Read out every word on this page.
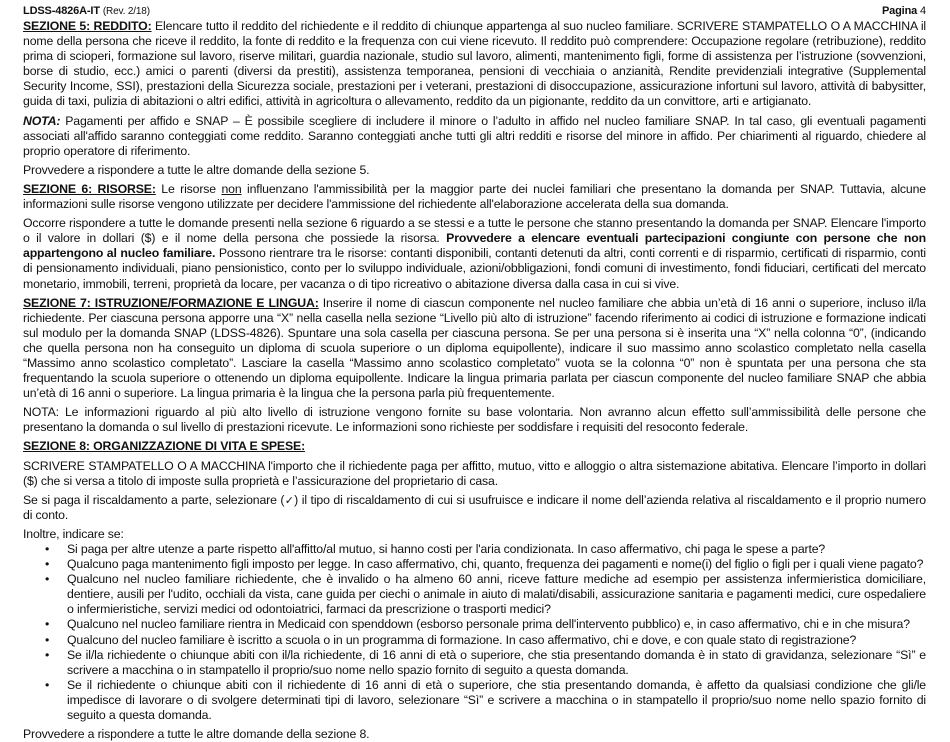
LDSS-4826A-IT (Rev. 2/18)	Pagina 4

SEZIONE 5: REDDITO: Elencare tutto il reddito del richiedente e il reddito di chiunque appartenga al suo nucleo familiare. SCRIVERE STAMPATELLO O A MACCHINA il nome della persona che riceve il reddito, la fonte di reddito e la frequenza con cui viene ricevuto. Il reddito può comprendere: Occupazione regolare (retribuzione), reddito prima di scioperi, formazione sul lavoro, riserve militari, guardia nazionale, studio sul lavoro, alimenti, mantenimento figli, forme di assistenza per l’istruzione (sovvenzioni, borse di studio, ecc.) amici o parenti (diversi da prestiti), assistenza temporanea, pensioni di vecchiaia o anzianità, Rendite previdenziali integrative (Supplemental Security Income, SSI), prestazioni della Sicurezza sociale, prestazioni per i veterani, prestazioni di disoccupazione, assicurazione infortuni sul lavoro, attività di babysitter, guida di taxi, pulizia di abitazioni o altri edifici, attività in agricoltura o allevamento, reddito da un pigionante, reddito da un convittore, arti e artigianato.

NOTA: Pagamenti per affido e SNAP – È possibile scegliere di includere il minore o l’adulto in affido nel nucleo familiare SNAP. In tal caso, gli eventuali pagamenti associati all'affido saranno conteggiati come reddito. Saranno conteggiati anche tutti gli altri redditi e risorse del minore in affido. Per chiarimenti al riguardo, chiedere al proprio operatore di riferimento.

Provvedere a rispondere a tutte le altre domande della sezione 5.

SEZIONE 6: RISORSE: Le risorse non influenzano l'ammissibilità per la maggior parte dei nuclei familiari che presentano la domanda per SNAP. Tuttavia, alcune informazioni sulle risorse vengono utilizzate per decidere l'ammissione del richiedente all'elaborazione accelerata della sua domanda.

Occorre rispondere a tutte le domande presenti nella sezione 6 riguardo a se stessi e a tutte le persone che stanno presentando la domanda per SNAP. Elencare l'importo o il valore in dollari ($) e il nome della persona che possiede la risorsa. Provvedere a elencare eventuali partecipazioni congiunte con persone che non appartengono al nucleo familiare. Possono rientrare tra le risorse: contanti disponibili, contanti detenuti da altri, conti correnti e di risparmio, certificati di risparmio, conti di pensionamento individuali, piano pensionistico, conto per lo sviluppo individuale, azioni/obbligazioni, fondi comuni di investimento, fondi fiduciari, certificati del mercato monetario, immobili, terreni, proprietà da locare, per vacanza o di tipo ricreativo o abitazione diversa dalla casa in cui si vive.

SEZIONE 7: ISTRUZIONE/FORMAZIONE E LINGUA: Inserire il nome di ciascun componente nel nucleo familiare che abbia un’età di 16 anni o superiore, incluso il/la richiedente. Per ciascuna persona apporre una “X” nella casella nella sezione “Livello più alto di istruzione” facendo riferimento ai codici di istruzione e formazione indicati sul modulo per la domanda SNAP (LDSS-4826). Spuntare una sola casella per ciascuna persona. Se per una persona si è inserita una “X” nella colonna “0”, (indicando che quella persona non ha conseguito un diploma di scuola superiore o un diploma equipollente), indicare il suo massimo anno scolastico completato nella casella “Massimo anno scolastico completato”. Lasciare la casella “Massimo anno scolastico completato” vuota se la colonna “0” non è spuntata per una persona che sta frequentando la scuola superiore o ottenendo un diploma equipollente. Indicare la lingua primaria parlata per ciascun componente del nucleo familiare SNAP che abbia un’età di 16 anni o superiore. La lingua primaria è la lingua che la persona parla più frequentemente.

NOTA: Le informazioni riguardo al più alto livello di istruzione vengono fornite su base volontaria. Non avranno alcun effetto sull’ammissibilità delle persone che presentano la domanda o sul livello di prestazioni ricevute. Le informazioni sono richieste per soddisfare i requisiti del resoconto federale.

SEZIONE 8: ORGANIZZAZIONE DI VITA E SPESE:

SCRIVERE STAMPATELLO O A MACCHINA l'importo che il richiedente paga per affitto, mutuo, vitto e alloggio o altra sistemazione abitativa. Elencare l’importo in dollari ($) che si versa a titolo di imposte sulla proprietà e l’assicurazione del proprietario di casa.

Se si paga il riscaldamento a parte, selezionare (✓) il tipo di riscaldamento di cui si usufruisce e indicare il nome dell’azienda relativa al riscaldamento e il proprio numero di conto.

Inoltre, indicare se:

• Si paga per altre utenze a parte rispetto all'affitto/al mutuo, si hanno costi per l'aria condizionata. In caso affermativo, chi paga le spese a parte?
• Qualcuno paga mantenimento figli imposto per legge. In caso affermativo, chi, quanto, frequenza dei pagamenti e nome(i) del figlio o figli per i quali viene pagato?
• Qualcuno nel nucleo familiare richiedente, che è invalido o ha almeno 60 anni, riceve fatture mediche ad esempio per assistenza infermieristica domiciliare, dentiere, ausili per l'udito, occhiali da vista, cane guida per ciechi o animale in aiuto di malati/disabili, assicurazione sanitaria e pagamenti medici, cure ospedaliere o infermieristiche, servizi medici od odontoiatrici, farmaci da prescrizione o trasporti medici?
• Qualcuno nel nucleo familiare rientra in Medicaid con spenddown (esborso personale prima dell'intervento pubblico) e, in caso affermativo, chi e in che misura?
• Qualcuno del nucleo familiare è iscritto a scuola o in un programma di formazione. In caso affermativo, chi e dove, e con quale stato di registrazione?
• Se il/la richiedente o chiunque abiti con il/la richiedente, di 16 anni di età o superiore, che stia presentando domanda è in stato di gravidanza, selezionare “Sì” e scrivere a macchina o in stampatello il proprio/suo nome nello spazio fornito di seguito a questa domanda.
• Se il richiedente o chiunque abiti con il richiedente di 16 anni di età o superiore, che stia presentando domanda, è affetto da qualsiasi condizione che gli/le impedisce di lavorare o di svolgere determinati tipi di lavoro, selezionare “Sì” e scrivere a macchina o in stampatello il proprio/suo nome nello spazio fornito di seguito a questa domanda.

Provvedere a rispondere a tutte le altre domande della sezione 8.
